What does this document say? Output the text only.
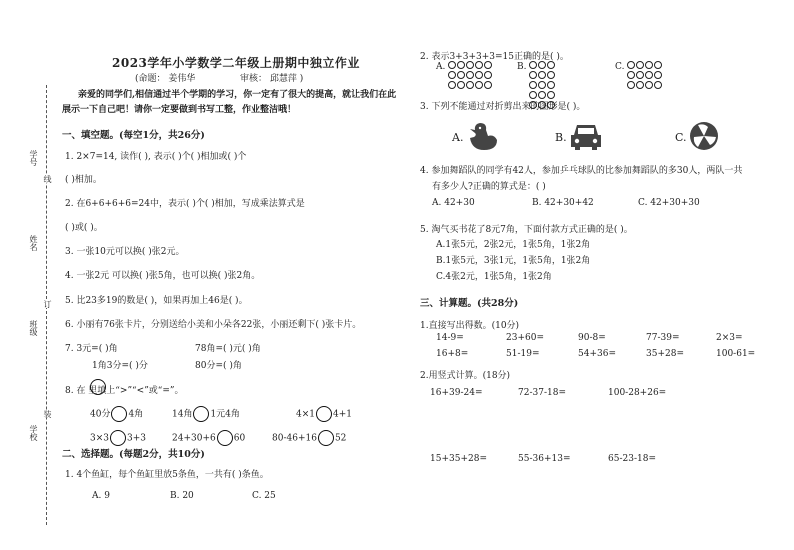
学号
姓名
班级
学校
线
订
装
2023学年小学数学二年级上册期中独立作业
(命题： 姜伟华	审核： 邱慧萍 )
亲爱的同学们,相信通过半个学期的学习，你一定有了很大的提高，就让我们在此
展示一下自己吧！请你一定要做到书写工整，作业整洁哦！
一、填空题。(每空1分，共26分)
1. 2×7=14, 读作( ), 表示( )个( )相加或( )个
( )相加。
2. 在6+6+6+6=24中，表示( )个( )相加，写成乘法算式是
( )或( )。
3. 一张10元可以换( )张2元。
4. 一张2元 可以换( )张5角，也可以换( )张2角。
5. 比23多19的数是( )，如果再加上46是( )。
6. 小丽有76张卡片，分别送给小美和小朵各22张，小丽还剩下( )张卡片。
7. 3元=( )角	78角=( )元( )角
1角3分=( )分	80分=( )角
8. 在 里填上“>”“<”或“=”。
40分 4角	14角 1元4角	4×1 4+1
3×3 3+3	24+30+6 60	80-46+16 52
二、选择题。(每题2分，共10分)
1. 4个鱼缸，每个鱼缸里放5条鱼，一共有( )条鱼。
A. 9	B. 20	C. 25
2. 表示3+3+3+3=15正确的是( )。
A.	B.	C.

3. 下列不能通过对折剪出来的图形是( )。
A.	B.	C.
4. 参加舞蹈队的同学有42人，参加乒乓球队的比参加舞蹈队的多30人，两队一共
有多少人?正确的算式是：( )
A. 42+30	B. 42+30+42	C. 42+30+30
5. 淘气买书花了8元7角，下面付款方式正确的是( )。
A.1张5元，2张2元，1张5角，1张2角
B.1张5元，3张1元，1张5角，1张2角
C.4张2元，1张5角，1张2角
三、计算题。(共28分)
1.直接写出得数。(10分)
14-9=	23+60=	90-8=	77-39=	2×3=
16+8=	51-19=	54+36=	35+28=	100-61=
2.用竖式计算。(18分)
16+39-24=	72-37-18=	100-28+26=
15+35+28=	55-36+13=	65-23-18=
